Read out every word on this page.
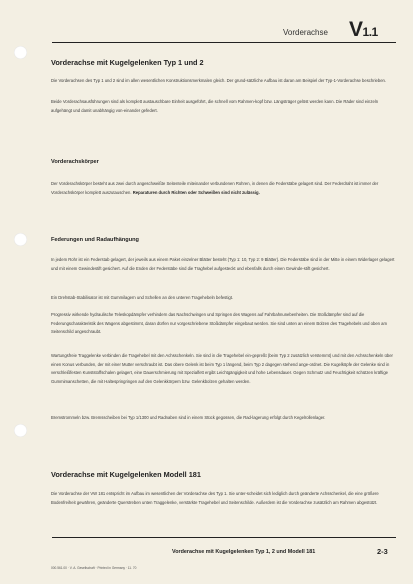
Vorderachse V1.1
Vorderachse mit Kugelgelenken Typ 1 und 2

Die Vorderachsen des Typ 1 und 2 sind im allen wesentlichen Konstruktionsmerkmalen gleich. Der grund-sätzliche Aufbau ist daran am Beispiel der Typ-1-Vorderachse beschrieben.

Beide Vorderachsausführungen sind als komplett austauschbare Einheit ausgeführt, die schnell vom Rahmen-kopf bzw. Längsträger gelöst werden kann. Die Räder sind einzeln aufgehängt und damit unabhängig von-einander gefedert.

Vorderachskörper

Der Vorderachskörper besteht aus zwei durch angeschweißte Seitenteile miteinander verbundenen Rohren, in denen die Federstäbe gelagert sind. Der Federdraht ist immer der Vorderachskörper komplett auszutauschen. Reparaturen durch Richten oder Schweißen sind nicht zulässig.

Federungen und Radaufhängung

In jedem Rohr ist ein Federstab gelagert, der jeweils aus einem Paket einzelner Blätter besteht (Typ 1: 10, Typ 2: 9 Blätter). Die Federstäbe sind in der Mitte in einem Widerlager gelagert und mit einem Gewindestift gesichert. Auf die Enden der Federstäbe sind die Traghebel aufgesteckt und ebenfalls durch einen Gewinde-stift gesichert.

Ein Drehstab-Stabilisator ist mit Gummilagern und Schellen an den unteren Tragehebeln befestigt.

Progressiv wirkende hydraulische Teleskopdämpfer verhindern das Nachschwingen und Springen des Wagens auf Fahrbahnunebenheiten. Die Stoßdämpfer sind auf die Federungscharakteristik des Wagens abgestimmt, daran dürfen nur vorgeschriebene Stoßdämpfer eingebaut werden. Sie sind unten an einem Bolzen des Tragehebels und oben am Seitenschild angeschraubt.

Wartungsfreie Traggelenke verbinden die Tragehebel mit den Achsschenkeln. Sie sind in die Tragehebel ein-gepreßt (beim Typ 2 zusätzlich verstemmt) und mit den Achsschenkeln über einen Konus verbunden, der mit einer Mutter verschraubt ist. Das obere Gelenk ist beim Typ 1 längend, beim Typ 2 dagegen stehend ange-ordnet. Die Kugelköpfe der Gelenke sind in verschleißfesten Kunststoffschalen gelagert, eine Dauerschmierung mit Spezialfett ergibt Leichtgängigkeit und hohe Lebensdauer. Gegen Schmutz und Feuchtigkeit schützen kräftige Gummimanschetten, die mit Haltespringringen auf den Gelenkkörpern bzw. Gelenkbolzen gehalten werden.

Bremstrommeln bzw. Bremsscheiben bei Typ 1/1300 und Radnaben sind in einem Stück gegossen, die Rad-lagerung erfolgt durch Kegelrollenlager.

Vorderachse mit Kugelgelenken Modell 181

Die Vorderachse der VW 181 entspricht im Aufbau im wesentlichen der Vorderachse des Typ 1. Sie unter-scheidet sich lediglich durch geänderte Achsschenkel, die eine größere Bodenfreiheit gewähren, geänderte Querstreben unten Traggelenke, verstärkte Tragehebel und Seitenschilde. Außerdem ist die Vorderachse zusätzlich am Rahmen abgestützt.

Vorderachse mit Kugelgelenken Typ 1, 2 und Modell 181	2-3
000.561.00 · V. A. Gesellschaft · Printed in Germany · 11. 70
